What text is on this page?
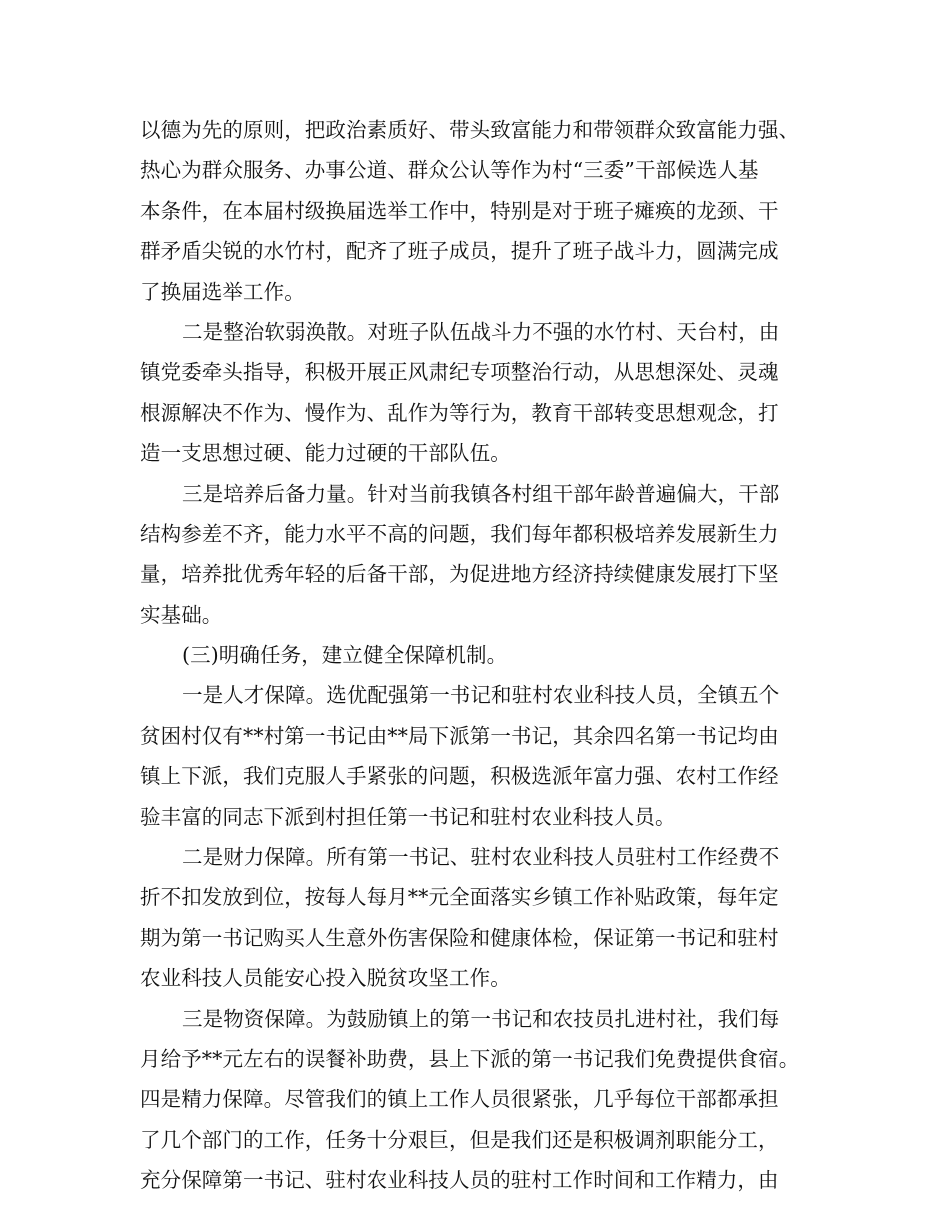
以德为先的原则，把政治素质好、带头致富能力和带领群众致富能力强、
热心为群众服务、办事公道、群众公认等作为村“三委”干部候选人基
本条件，在本届村级换届选举工作中，特别是对于班子瘫痪的龙颈、干
群矛盾尖锐的水竹村，配齐了班子成员，提升了班子战斗力，圆满完成
了换届选举工作。
二是整治软弱涣散。对班子队伍战斗力不强的水竹村、天台村，由
镇党委牵头指导，积极开展正风肃纪专项整治行动，从思想深处、灵魂
根源解决不作为、慢作为、乱作为等行为，教育干部转变思想观念，打
造一支思想过硬、能力过硬的干部队伍。
三是培养后备力量。针对当前我镇各村组干部年龄普遍偏大，干部
结构参差不齐，能力水平不高的问题，我们每年都积极培养发展新生力
量，培养批优秀年轻的后备干部，为促进地方经济持续健康发展打下坚
实基础。
(三)明确任务，建立健全保障机制。
一是人才保障。选优配强第一书记和驻村农业科技人员，全镇五个
贫困村仅有**村第一书记由**局下派第一书记，其余四名第一书记均由
镇上下派，我们克服人手紧张的问题，积极选派年富力强、农村工作经
验丰富的同志下派到村担任第一书记和驻村农业科技人员。
二是财力保障。所有第一书记、驻村农业科技人员驻村工作经费不
折不扣发放到位，按每人每月**元全面落实乡镇工作补贴政策，每年定
期为第一书记购买人生意外伤害保险和健康体检，保证第一书记和驻村
农业科技人员能安心投入脱贫攻坚工作。
三是物资保障。为鼓励镇上的第一书记和农技员扎进村社，我们每
月给予**元左右的误餐补助费，县上下派的第一书记我们免费提供食宿。
四是精力保障。尽管我们的镇上工作人员很紧张，几乎每位干部都承担
了几个部门的工作，任务十分艰巨，但是我们还是积极调剂职能分工，
充分保障第一书记、驻村农业科技人员的驻村工作时间和工作精力，由
